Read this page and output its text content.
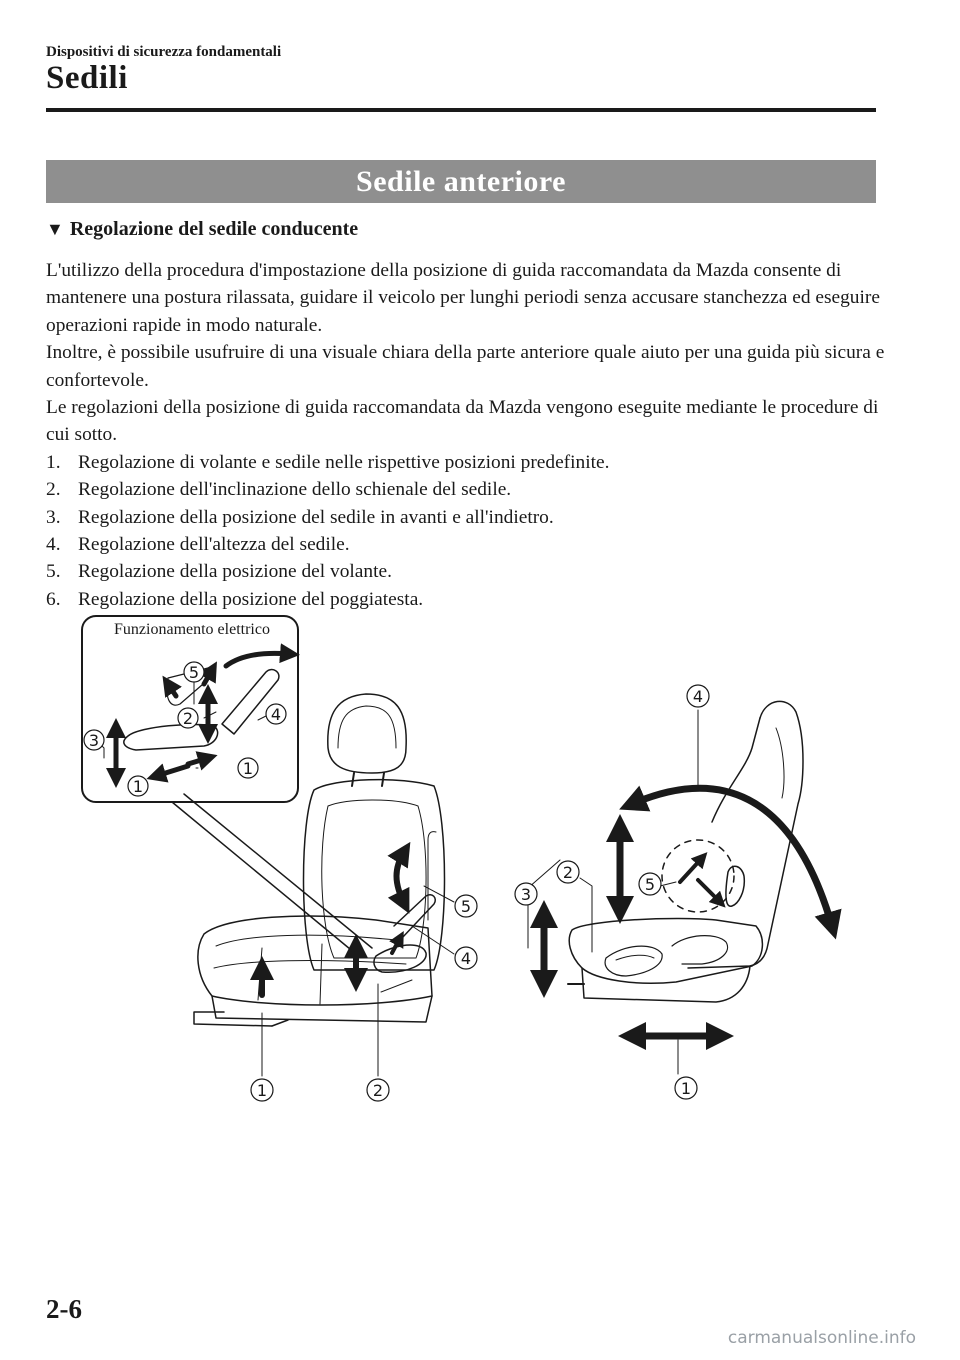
Dispositivi di sicurezza fondamentali
Sedili
Sedile anteriore
▼ Regolazione del sedile conducente

L'utilizzo della procedura d'impostazione della posizione di guida raccomandata da Mazda consente di mantenere una postura rilassata, guidare il veicolo per lunghi periodi senza accusare stanchezza ed eseguire operazioni rapide in modo naturale.

Inoltre, è possibile usufruire di una visuale chiara della parte anteriore quale aiuto per una guida più sicura e confortevole.

Le regolazioni della posizione di guida raccomandata da Mazda vengono eseguite mediante le procedure di cui sotto.

1. Regolazione di volante e sedile nelle rispettive posizioni predefinite.
2. Regolazione dell'inclinazione dello schienale del sedile.
3. Regolazione della posizione del sedile in avanti e all'indietro.
4. Regolazione dell'altezza del sedile.
5. Regolazione della posizione del volante.
6. Regolazione della posizione del poggiatesta.
1	2
5
4
5
2	4
3
1
1
4
2
3
5
1
Funzionamento elettrico
2-6
carmanualsonline.info
